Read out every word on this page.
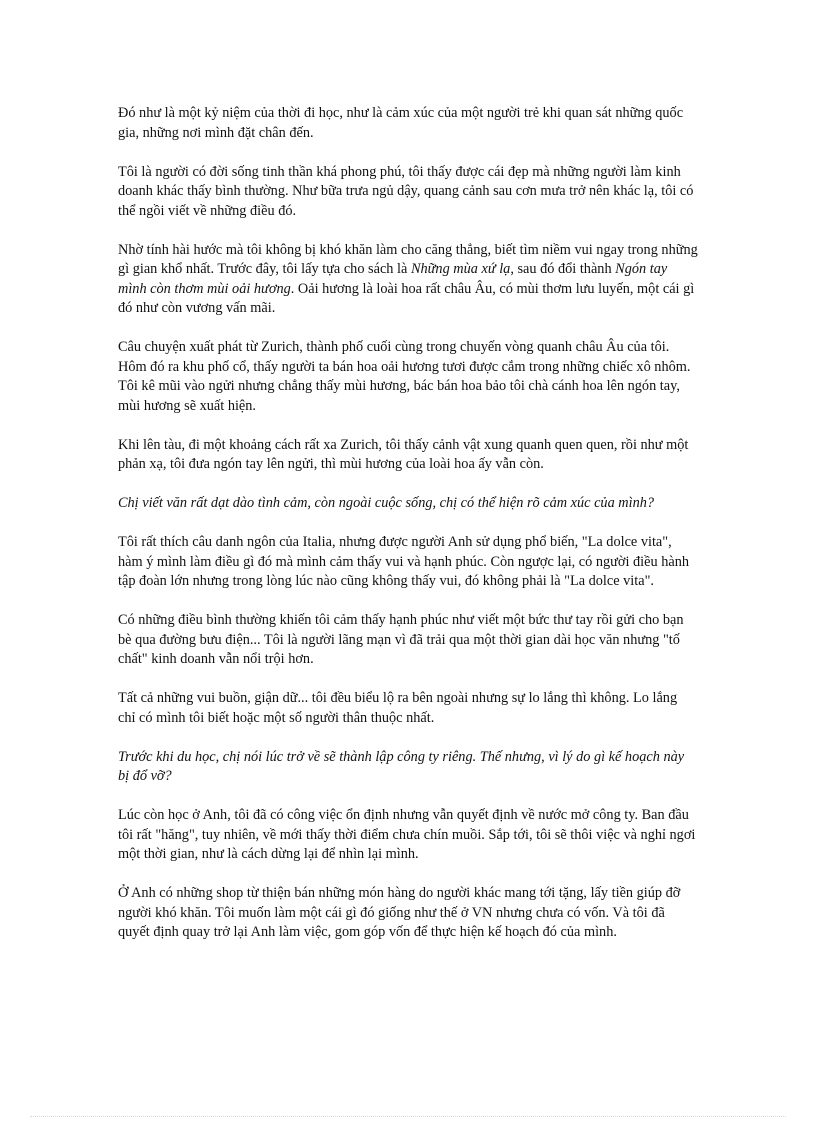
Đó như là một kỷ niệm của thời đi học, như là cảm xúc của một người trẻ khi quan sát những quốc gia, những nơi mình đặt chân đến.

Tôi là người có đời sống tinh thần khá phong phú, tôi thấy được cái đẹp mà những người làm kinh doanh khác thấy bình thường. Như bữa trưa ngủ dậy, quang cảnh sau cơn mưa trở nên khác lạ, tôi có thể ngồi viết về những điều đó.

Nhờ tính hài hước mà tôi không bị khó khăn làm cho căng thẳng, biết tìm niềm vui ngay trong những gì gian khổ nhất. Trước đây, tôi lấy tựa cho sách là Những mùa xứ lạ, sau đó đổi thành Ngón tay mình còn thơm mùi oải hương. Oải hương là loài hoa rất châu Âu, có mùi thơm lưu luyến, một cái gì đó như còn vương vấn mãi.

Câu chuyện xuất phát từ Zurich, thành phố cuối cùng trong chuyến vòng quanh châu Âu của tôi. Hôm đó ra khu phố cổ, thấy người ta bán hoa oải hương tươi được cắm trong những chiếc xô nhôm. Tôi kê mũi vào ngửi nhưng chẳng thấy mùi hương, bác bán hoa bảo tôi chà cánh hoa lên ngón tay, mùi hương sẽ xuất hiện.

Khi lên tàu, đi một khoảng cách rất xa Zurich, tôi thấy cảnh vật xung quanh quen quen, rồi như một phản xạ, tôi đưa ngón tay lên ngửi, thì mùi hương của loài hoa ấy vẫn còn.

Chị viết văn rất dạt dào tình cảm, còn ngoài cuộc sống, chị có thể hiện rõ cảm xúc của mình?

Tôi rất thích câu danh ngôn của Italia, nhưng được người Anh sử dụng phổ biến, "La dolce vita", hàm ý mình làm điều gì đó mà mình cảm thấy vui và hạnh phúc. Còn ngược lại, có người điều hành tập đoàn lớn nhưng trong lòng lúc nào cũng không thấy vui, đó không phải là "La dolce vita".

Có những điều bình thường khiến tôi cảm thấy hạnh phúc như viết một bức thư tay rồi gửi cho bạn bè qua đường bưu điện... Tôi là người lãng mạn vì đã trải qua một thời gian dài học văn nhưng "tố chất" kinh doanh vẫn nổi trội hơn.

Tất cả những vui buồn, giận dữ... tôi đều biểu lộ ra bên ngoài nhưng sự lo lắng thì không. Lo lắng chỉ có mình tôi biết hoặc một số người thân thuộc nhất.

Trước khi du học, chị nói lúc trở về sẽ thành lập công ty riêng. Thế nhưng, vì lý do gì kế hoạch này bị đổ vỡ?

Lúc còn học ở Anh, tôi đã có công việc ổn định nhưng vẫn quyết định về nước mở công ty. Ban đầu tôi rất "hăng", tuy nhiên, về mới thấy thời điểm chưa chín muồi. Sắp tới, tôi sẽ thôi việc và nghỉ ngơi một thời gian, như là cách dừng lại để nhìn lại mình.

Ở Anh có những shop từ thiện bán những món hàng do người khác mang tới tặng, lấy tiền giúp đỡ người khó khăn. Tôi muốn làm một cái gì đó giống như thế ở VN nhưng chưa có vốn. Và tôi đã quyết định quay trở lại Anh làm việc, gom góp vốn để thực hiện kế hoạch đó của mình.
